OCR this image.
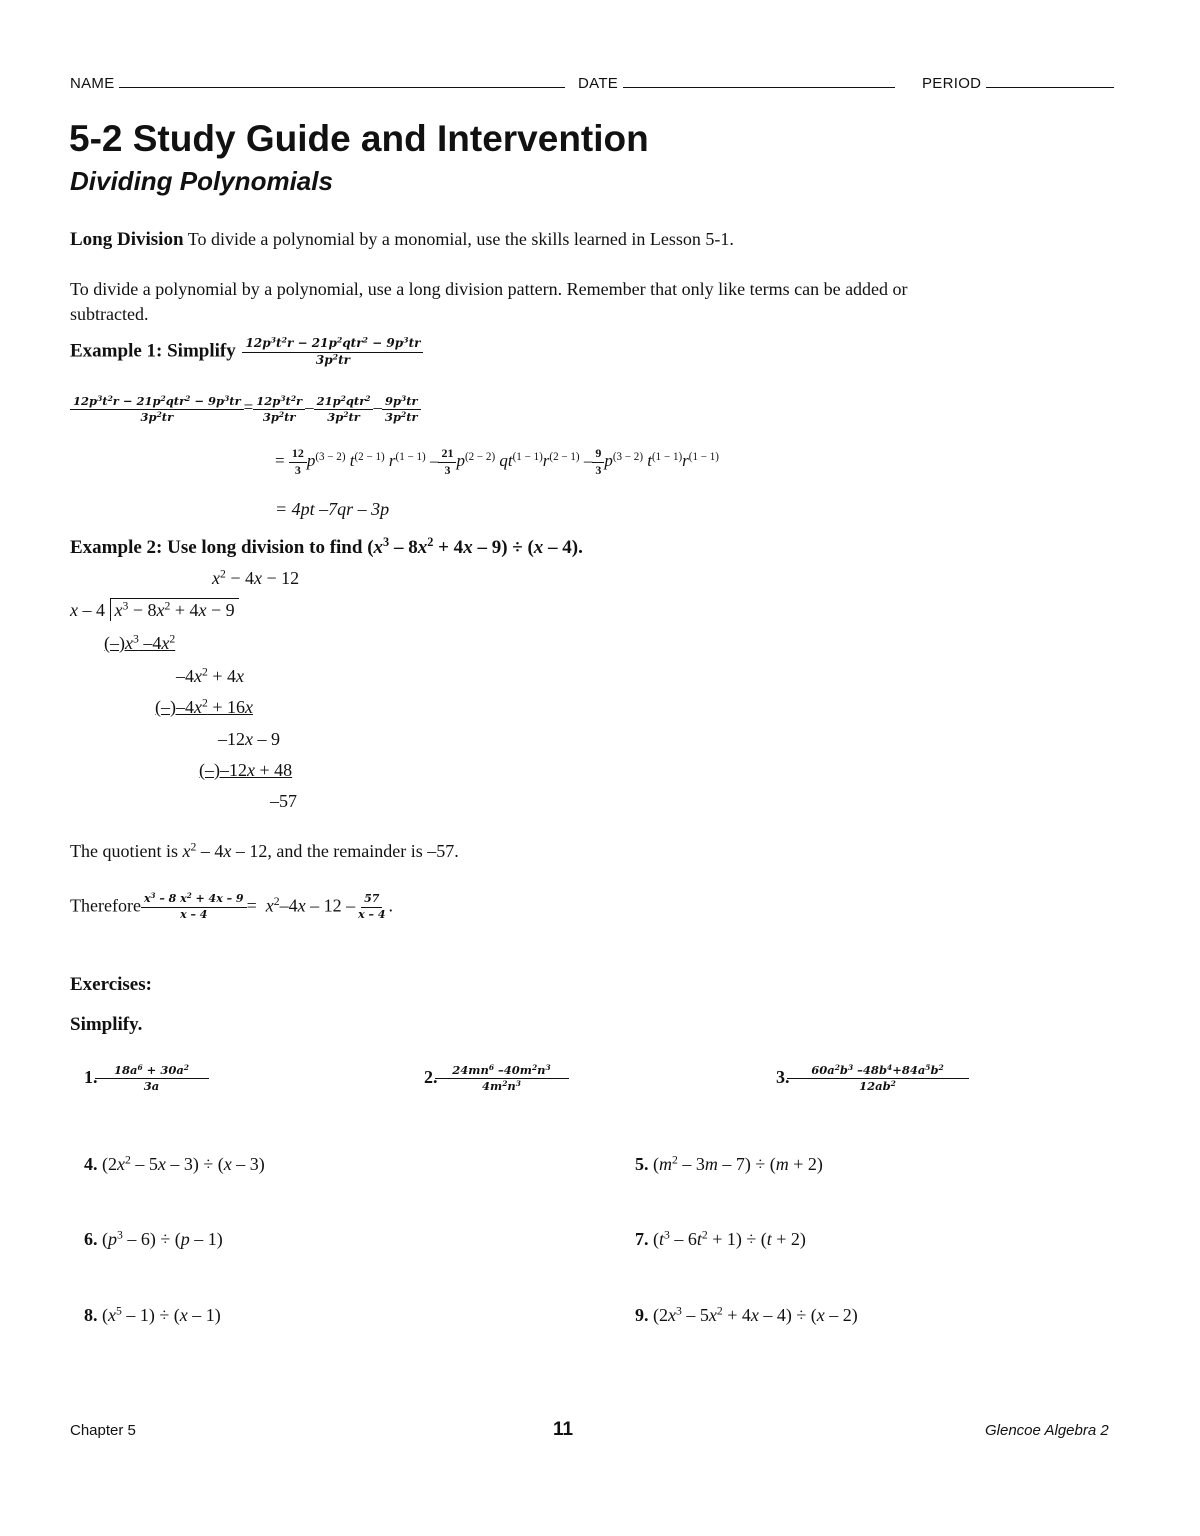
NAME	DATE	PERIOD
5-2 Study Guide and Intervention
Dividing Polynomials
Long Division To divide a polynomial by a monomial, use the skills learned in Lesson 5-1.
To divide a polynomial by a polynomial, use a long division pattern. Remember that only like terms can be added or
subtracted.
Example 1: Simplify $\frac{12p^3t^2r - 21p^2qtr^2 - 9p^3tr}{3p^2tr}$
$\frac{12p^3t^2r - 21p^2qtr^2 - 9p^3tr}{3p^2tr} = \frac{12p^3t^2r}{3p^2tr} - \frac{21p^2qtr^2}{3p^2tr} - \frac{9p^3tr}{3p^2tr}$
= $\frac{12}{3} p^{(3 - 2)}$ $t^{(2 - 1)}$ $r^{(1 - 1)} - \frac{21}{3} p^{(2 - 2)}$ $qt^{(1 - 1)}r^{(2 - 1)} - \frac{9}{3} p^{(3 - 2)}$ $t^{(1 - 1)}r^{(1 - 1)}$
= 4pt –7qr – 3p
Example 2: Use long division to find $(x^3 - 8x^2 + 4x - 9) \div (x - 4)$.
$x^2 - 4x - 12$
x – 4 $x^3 - 8x^2 + 4x - 9$
$(-)x^3$ $-4x^2$
$-4x^2 + 4x$
$(-)-4x^2 + 16x$
–12x – 9
(–)–12x + 48
–57
The quotient is $x^2 - 4x - 12$, and the remainder is –57.
Therefore $\frac{x^3 - 8 x^2 + 4x - 9}{x - 4} = x^2-4x - 12 - \frac{57}{x - 4}$ .
Exercises:
Simplify.
1. $\frac{18a^6 + 30a^2}{3a}$	2. $\frac{24mn^6 -40m^2n^3}{4m^2n^3}$	3. $\frac{60a^2b^3 -48b^4+84a^5b^2}{12ab^2}$
4. $(2x^2 - 5x - 3) \div (x - 3)$	5. $(m^2 - 3m - 7) \div (m + 2)$
6. $(p^3 - 6) \div (p - 1)$	7. $(t^3 - 6t^2 + 1) \div (t + 2)$
8. $(x^5 - 1) \div (x - 1)$	9. $(2x^3 - 5x^2 + 4x - 4) \div (x - 2)$
Chapter 5	11	Glencoe Algebra 2
